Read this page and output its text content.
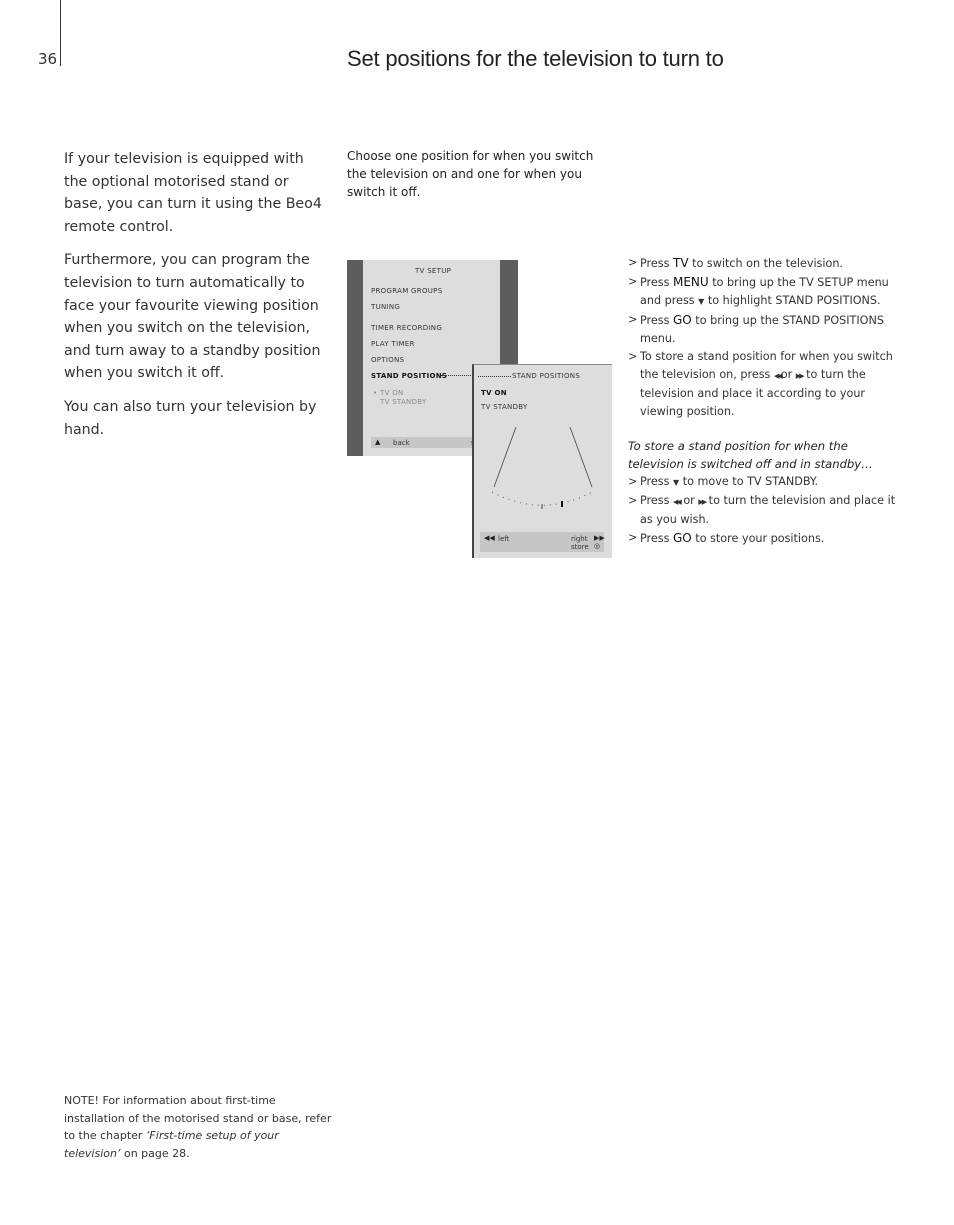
36	Set positions for the television to turn to

If your television is equipped with the optional motorised stand or base, you can turn it using the Beo4 remote control.

Furthermore, you can program the television to turn automatically to face your favourite viewing position when you switch on the television, and turn away to a standby position when you switch it off.

You can also turn your television by hand.

Choose one position for when you switch the television on and one for when you switch it off.

TV SETUP
PROGRAM GROUPS
TUNING
TIMER RECORDING
PLAY TIMER
OPTIONS
STAND POSITIONS
• TV ON
TV STANDBY
▲ back
STAND POSITIONS
TV ON
TV STANDBY
◀◀ left	right
store
▶▶
◎

> Press TV to switch on the television.

> Press MENU to bring up the TV SETUP menu and press ▼ to highlight STAND POSITIONS.

> Press GO to bring up the STAND POSITIONS menu.

> To store a stand position for when you switch the television on, press ◀◀or ▶▶ to turn the television and place it according to your viewing position.

To store a stand position for when the television is switched off and in standby…

> Press ▼ to move to TV STANDBY.

> Press ◀◀ or ▶▶ to turn the television and place it as you wish.

> Press GO to store your positions.

NOTE! For information about first-time installation of the motorised stand or base, refer to the chapter ‘First-time setup of your television’ on page 28.
